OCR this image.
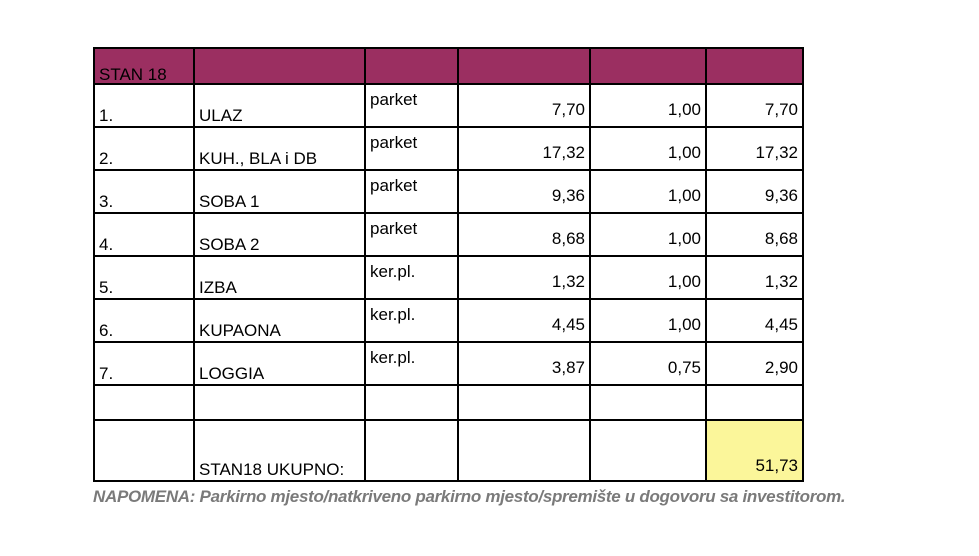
STAN 18					
1.	ULAZ	parket	7,70	1,00	7,70
2.	KUH., BLA i DB	parket	17,32	1,00	17,32
3.	SOBA 1	parket	9,36	1,00	9,36
4.	SOBA 2	parket	8,68	1,00	8,68
5.	IZBA	ker.pl.	1,32	1,00	1,32
6.	KUPAONA	ker.pl.	4,45	1,00	4,45
7.	LOGGIA	ker.pl.	3,87	0,75	2,90

	STAN18 UKUPNO:				51,73
NAPOMENA: Parkirno mjesto/natkriveno parkirno mjesto/spremište u dogovoru sa investitorom.
